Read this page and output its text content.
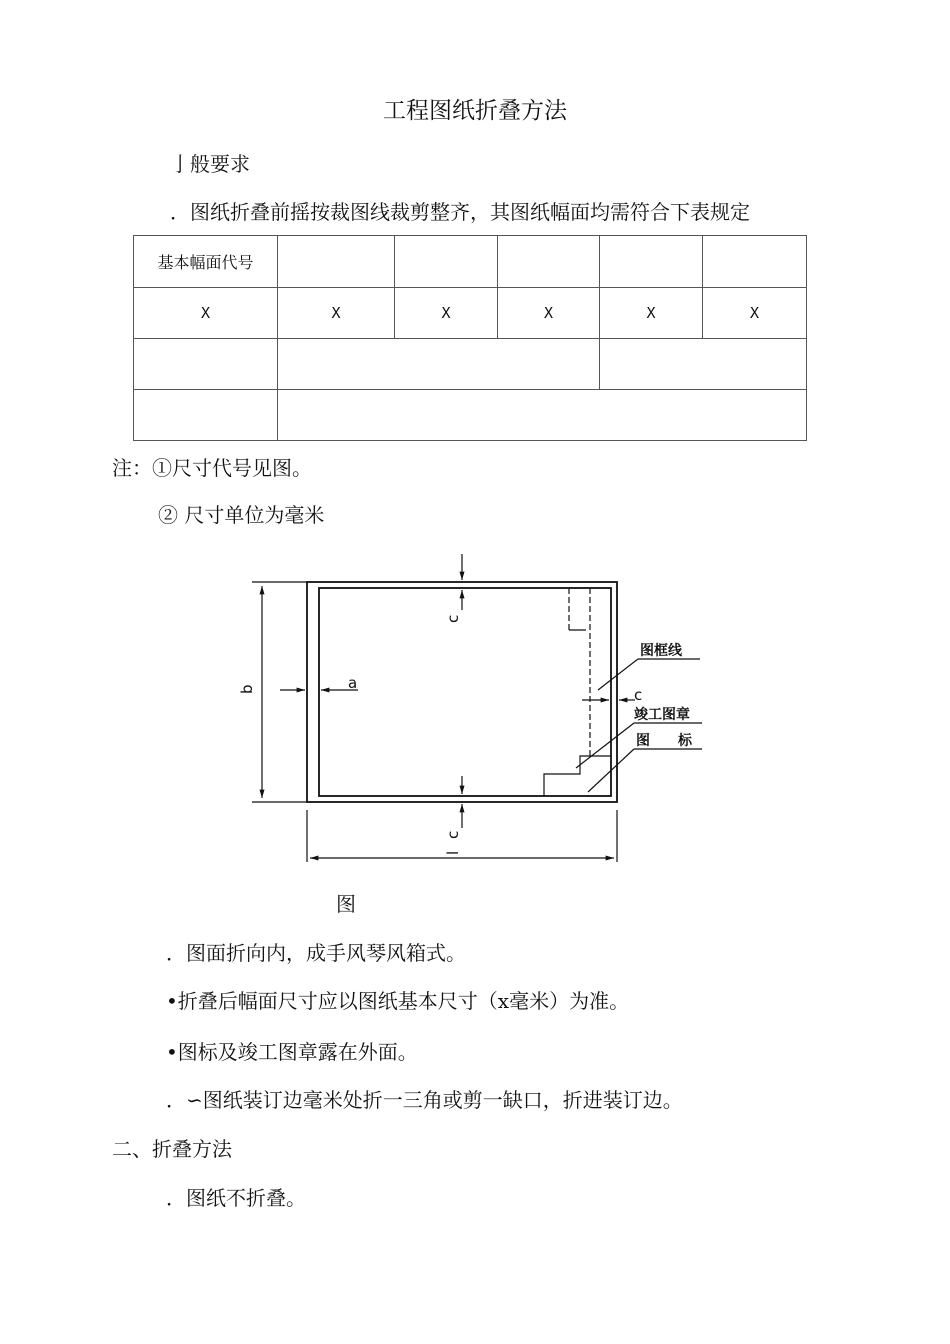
工程图纸折叠方法
亅般要求
．图纸折叠前摇按裁图线裁剪整齐，其图纸幅面均需符合下表规定
基本幅面代号					
X	X	X	X	X	X

注：①尺寸代号见图。
② 尺寸单位为毫米
图框线
竣工图章
图　　标
a
c
b
c
c
l
图
．图面折向内，成手风琴风箱式。
•折叠后幅面尺寸应以图纸基本尺寸（x毫米）为准。
•图标及竣工图章露在外面。
．∽图纸装订边毫米处折一三角或剪一缺口，折进装订边。
二、折叠方法
．图纸不折叠。
